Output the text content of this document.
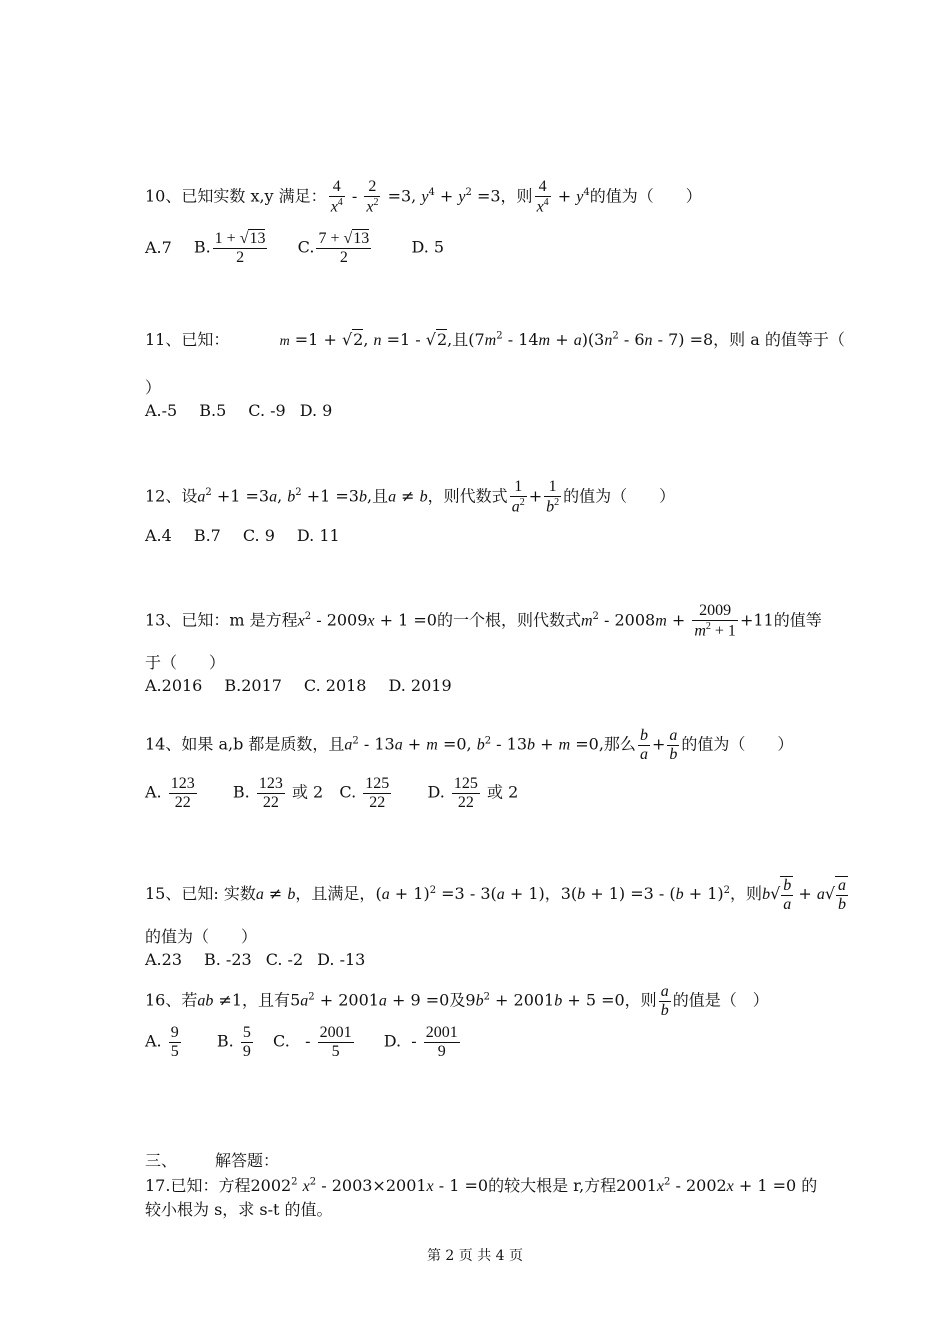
10、已知实数 x,y 满足： $\frac{4}{x^4} - \frac{2}{x^2} =3$, $y^4 + y^2 =3$，则 $\frac{4}{x^4} + y^4$的值为（　　）
A.7 B. $\frac{1 + √13}{2} C$. $\frac{7 + √13}{2}$	D. 5
11、已知：	m =1 + √2, n =1 - √2,且$(7m^2 - 14m + a)(3n^2 - 6n - 7) =8$，则 a 的值等于（
）
A.-5 B.5 C. -9 D. 9
12、设$a^2 +1 =3a$, $b^2 +1 =3b$,且a ≠ b，则代数式 $\frac{1}{a^2} + \frac{1}{b^2}$ 的值为（　　）
A.4 B.7 C. 9 D. 11
13、已知：m 是方程$x^2 - 2009x + 1 =0$的一个根，则代数式$m^2 - 2008m + \frac{2009}{m^2 + 1} +11$的值等
于（　　）
A.2016 B.2017 C. 2018 D. 2019
14、如果 a,b 都是质数，且$a^2 - 13a + m =0$, $b^2 - 13b + m =0$,那么 $\frac{b}{a} + \frac{a}{b}$ 的值为（　　）
A. $\frac{123}{22} B$. $\frac{123}{22}$ 或 2 C. $\frac{125}{22} D$. $\frac{125}{22}$ 或 2
15、已知: 实数a ≠ b，且满足，$(a + 1)^2 =3 - 3(a + 1)$，$3(b + 1) =3 - (b + 1)^2$，则$b√ \frac{b}{a} + a√ \frac{a}{b}$
的值为（　　）
A.23 B. -23 C. -2 D. -13
16、若ab ≠1，且有$5a^2 + 2001a + 9 =0$及$9b^2 + 2001b + 5 =0$，则 $\frac{a}{b}$ 的值是（　）
A. $\frac{9}{5} B$. $\frac{5}{9} C$.   - $\frac{2001}{5} D$.  - $\frac{2001}{9}$
三、 解答题：
17.已知：方程2002$^2$ $x^2 - 2003\times 2001x - 1 =0$的较大根是 r,方程$2001x^2 - 2002x + 1 =0$ 的
较小根为 s，求 s-t 的值。
第 2 页 共 4 页
